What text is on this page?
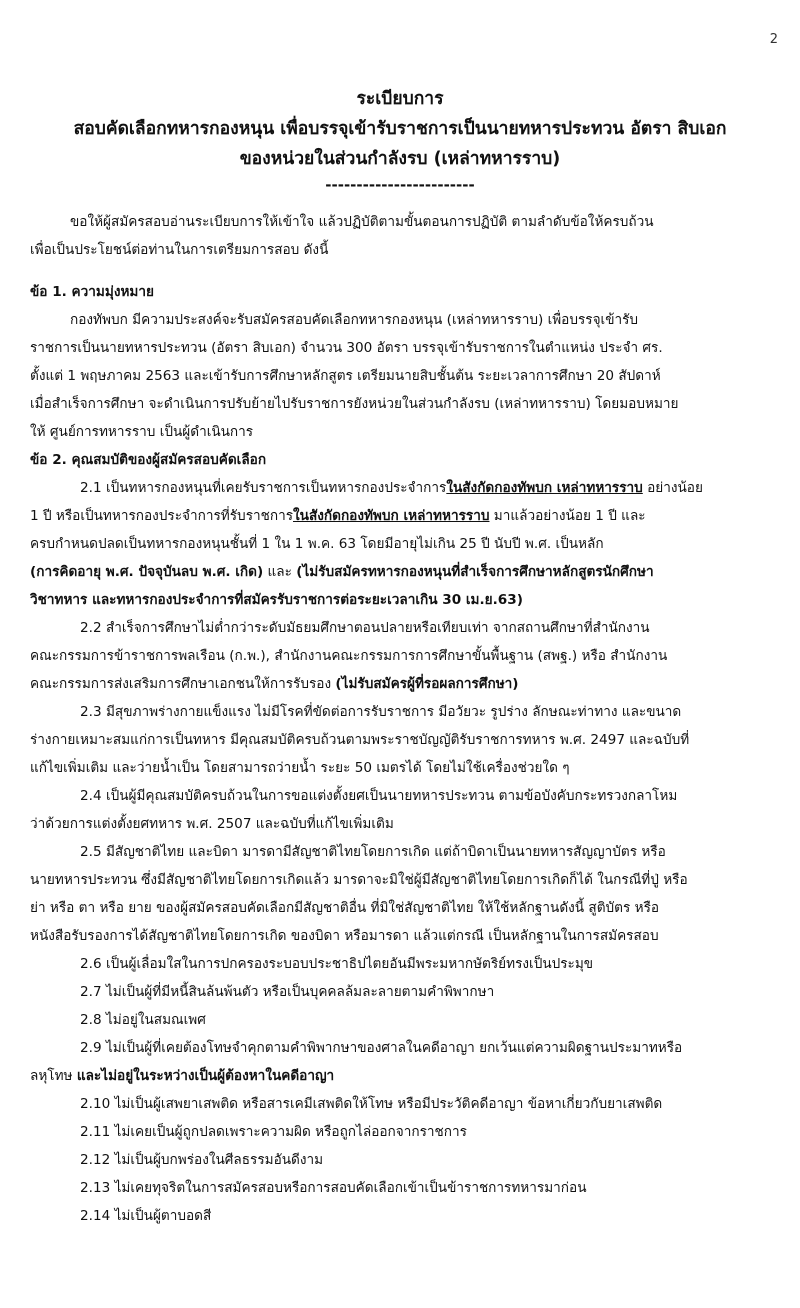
2
ระเบียบการ
สอบคัดเลือกทหารกองหนุน เพื่อบรรจุเข้ารับราชการเป็นนายทหารประทวน อัตรา สิบเอก
ของหน่วยในส่วนกำลังรบ (เหล่าทหารราบ)
------------------------
ขอให้ผู้สมัครสอบอ่านระเบียบการให้เข้าใจ แล้วปฏิบัติตามขั้นตอนการปฏิบัติ ตามลำดับข้อให้ครบถ้วน
เพื่อเป็นประโยชน์ต่อท่านในการเตรียมการสอบ ดังนี้
ข้อ 1. ความมุ่งหมาย
กองทัพบก มีความประสงค์จะรับสมัครสอบคัดเลือกทหารกองหนุน (เหล่าทหารราบ) เพื่อบรรจุเข้ารับ
ราชการเป็นนายทหารประทวน (อัตรา สิบเอก) จำนวน 300 อัตรา บรรจุเข้ารับราชการในตำแหน่ง ประจำ ศร.
ตั้งแต่ 1 พฤษภาคม 2563 และเข้ารับการศึกษาหลักสูตร เตรียมนายสิบชั้นต้น ระยะเวลาการศึกษา 20 สัปดาห์
เมื่อสำเร็จการศึกษา จะดำเนินการปรับย้ายไปรับราชการยังหน่วยในส่วนกำลังรบ (เหล่าทหารราบ) โดยมอบหมาย
ให้ ศูนย์การทหารราบ เป็นผู้ดำเนินการ
ข้อ 2. คุณสมบัติของผู้สมัครสอบคัดเลือก
2.1 เป็นทหารกองหนุนที่เคยรับราชการเป็นทหารกองประจำการในสังกัดกองทัพบก เหล่าทหารราบ อย่างน้อย
1 ปี หรือเป็นทหารกองประจำการที่รับราชการในสังกัดกองทัพบก เหล่าทหารราบ มาแล้วอย่างน้อย 1 ปี และ
ครบกำหนดปลดเป็นทหารกองหนุนชั้นที่ 1 ใน 1 พ.ค. 63 โดยมีอายุไม่เกิน 25 ปี นับปี พ.ศ. เป็นหลัก
(การคิดอายุ พ.ศ. ปัจจุบันลบ พ.ศ. เกิด) และ (ไม่รับสมัครทหารกองหนุนที่สำเร็จการศึกษาหลักสูตรนักศึกษา
วิชาทหาร และทหารกองประจำการที่สมัครรับราชการต่อระยะเวลาเกิน 30 เม.ย.63)
2.2 สำเร็จการศึกษาไม่ต่ำกว่าระดับมัธยมศึกษาตอนปลายหรือเทียบเท่า จากสถานศึกษาที่สำนักงาน
คณะกรรมการข้าราชการพลเรือน (ก.พ.), สำนักงานคณะกรรมการการศึกษาขั้นพื้นฐาน (สพฐ.) หรือ สำนักงาน
คณะกรรมการส่งเสริมการศึกษาเอกชนให้การรับรอง (ไม่รับสมัครผู้ที่รอผลการศึกษา)
2.3 มีสุขภาพร่างกายแข็งแรง ไม่มีโรคที่ขัดต่อการรับราชการ มีอวัยวะ รูปร่าง ลักษณะท่าทาง และขนาด
ร่างกายเหมาะสมแก่การเป็นทหาร มีคุณสมบัติครบถ้วนตามพระราชบัญญัติรับราชการทหาร พ.ศ. 2497 และฉบับที่
แก้ไขเพิ่มเติม และว่ายน้ำเป็น โดยสามารถว่ายน้ำ ระยะ 50 เมตรได้ โดยไม่ใช้เครื่องช่วยใด ๆ
2.4 เป็นผู้มีคุณสมบัติครบถ้วนในการขอแต่งตั้งยศเป็นนายทหารประทวน ตามข้อบังคับกระทรวงกลาโหม
ว่าด้วยการแต่งตั้งยศทหาร พ.ศ. 2507 และฉบับที่แก้ไขเพิ่มเติม
2.5 มีสัญชาติไทย และบิดา มารดามีสัญชาติไทยโดยการเกิด แต่ถ้าบิดาเป็นนายทหารสัญญาบัตร หรือ
นายทหารประทวน ซึ่งมีสัญชาติไทยโดยการเกิดแล้ว มารดาจะมิใช่ผู้มีสัญชาติไทยโดยการเกิดก็ได้ ในกรณีที่ปู่ หรือ
ย่า หรือ ตา หรือ ยาย ของผู้สมัครสอบคัดเลือกมีสัญชาติอื่น ที่มิใช่สัญชาติไทย ให้ใช้หลักฐานดังนี้ สูติบัตร หรือ
หนังสือรับรองการได้สัญชาติไทยโดยการเกิด ของบิดา หรือมารดา แล้วแต่กรณี เป็นหลักฐานในการสมัครสอบ
2.6 เป็นผู้เลื่อมใสในการปกครองระบอบประชาธิปไตยอันมีพระมหากษัตริย์ทรงเป็นประมุข
2.7 ไม่เป็นผู้ที่มีหนี้สินล้นพ้นตัว หรือเป็นบุคคลล้มละลายตามคำพิพากษา
2.8 ไม่อยู่ในสมณเพศ
2.9 ไม่เป็นผู้ที่เคยต้องโทษจำคุกตามคำพิพากษาของศาลในคดีอาญา ยกเว้นแต่ความผิดฐานประมาทหรือ
ลหุโทษ และไม่อยู่ในระหว่างเป็นผู้ต้องหาในคดีอาญา
2.10 ไม่เป็นผู้เสพยาเสพติด หรือสารเคมีเสพติดให้โทษ หรือมีประวัติคดีอาญา ข้อหาเกี่ยวกับยาเสพติด
2.11 ไม่เคยเป็นผู้ถูกปลดเพราะความผิด หรือถูกไล่ออกจากราชการ
2.12 ไม่เป็นผู้บกพร่องในศีลธรรมอันดีงาม
2.13 ไม่เคยทุจริตในการสมัครสอบหรือการสอบคัดเลือกเข้าเป็นข้าราชการทหารมาก่อน
2.14 ไม่เป็นผู้ตาบอดสี
